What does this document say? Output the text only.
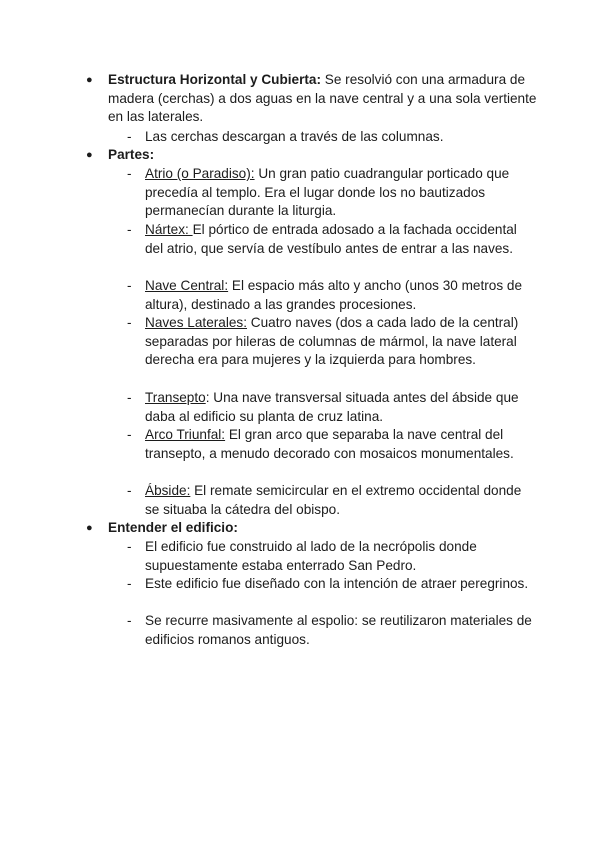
● Estructura Horizontal y Cubierta: Se resolvió con una armadura de madera (cerchas) a dos aguas en la nave central y a una sola vertiente en las laterales.

- Las cerchas descargan a través de las columnas.

● Partes:

- Atrio (o Paradiso): Un gran patio cuadrangular porticado que precedía al templo. Era el lugar donde los no bautizados permanecían durante la liturgia.

- Nártex: El pórtico de entrada adosado a la fachada occidental del atrio, que servía de vestíbulo antes de entrar a las naves.

- Nave Central: El espacio más alto y ancho (unos 30 metros de altura), destinado a las grandes procesiones.

- Naves Laterales: Cuatro naves (dos a cada lado de la central) separadas por hileras de columnas de mármol, la nave lateral derecha era para mujeres y la izquierda para hombres.

- Transepto: Una nave transversal situada antes del ábside que daba al edificio su planta de cruz latina.

- Arco Triunfal: El gran arco que separaba la nave central del transepto, a menudo decorado con mosaicos monumentales.

- Ábside: El remate semicircular en el extremo occidental donde se situaba la cátedra del obispo.

● Entender el edificio:

- El edificio fue construido al lado de la necrópolis donde supuestamente estaba enterrado San Pedro.

- Este edificio fue diseñado con la intención de atraer peregrinos.

- Se recurre masivamente al espolio: se reutilizaron materiales de edificios romanos antiguos.
